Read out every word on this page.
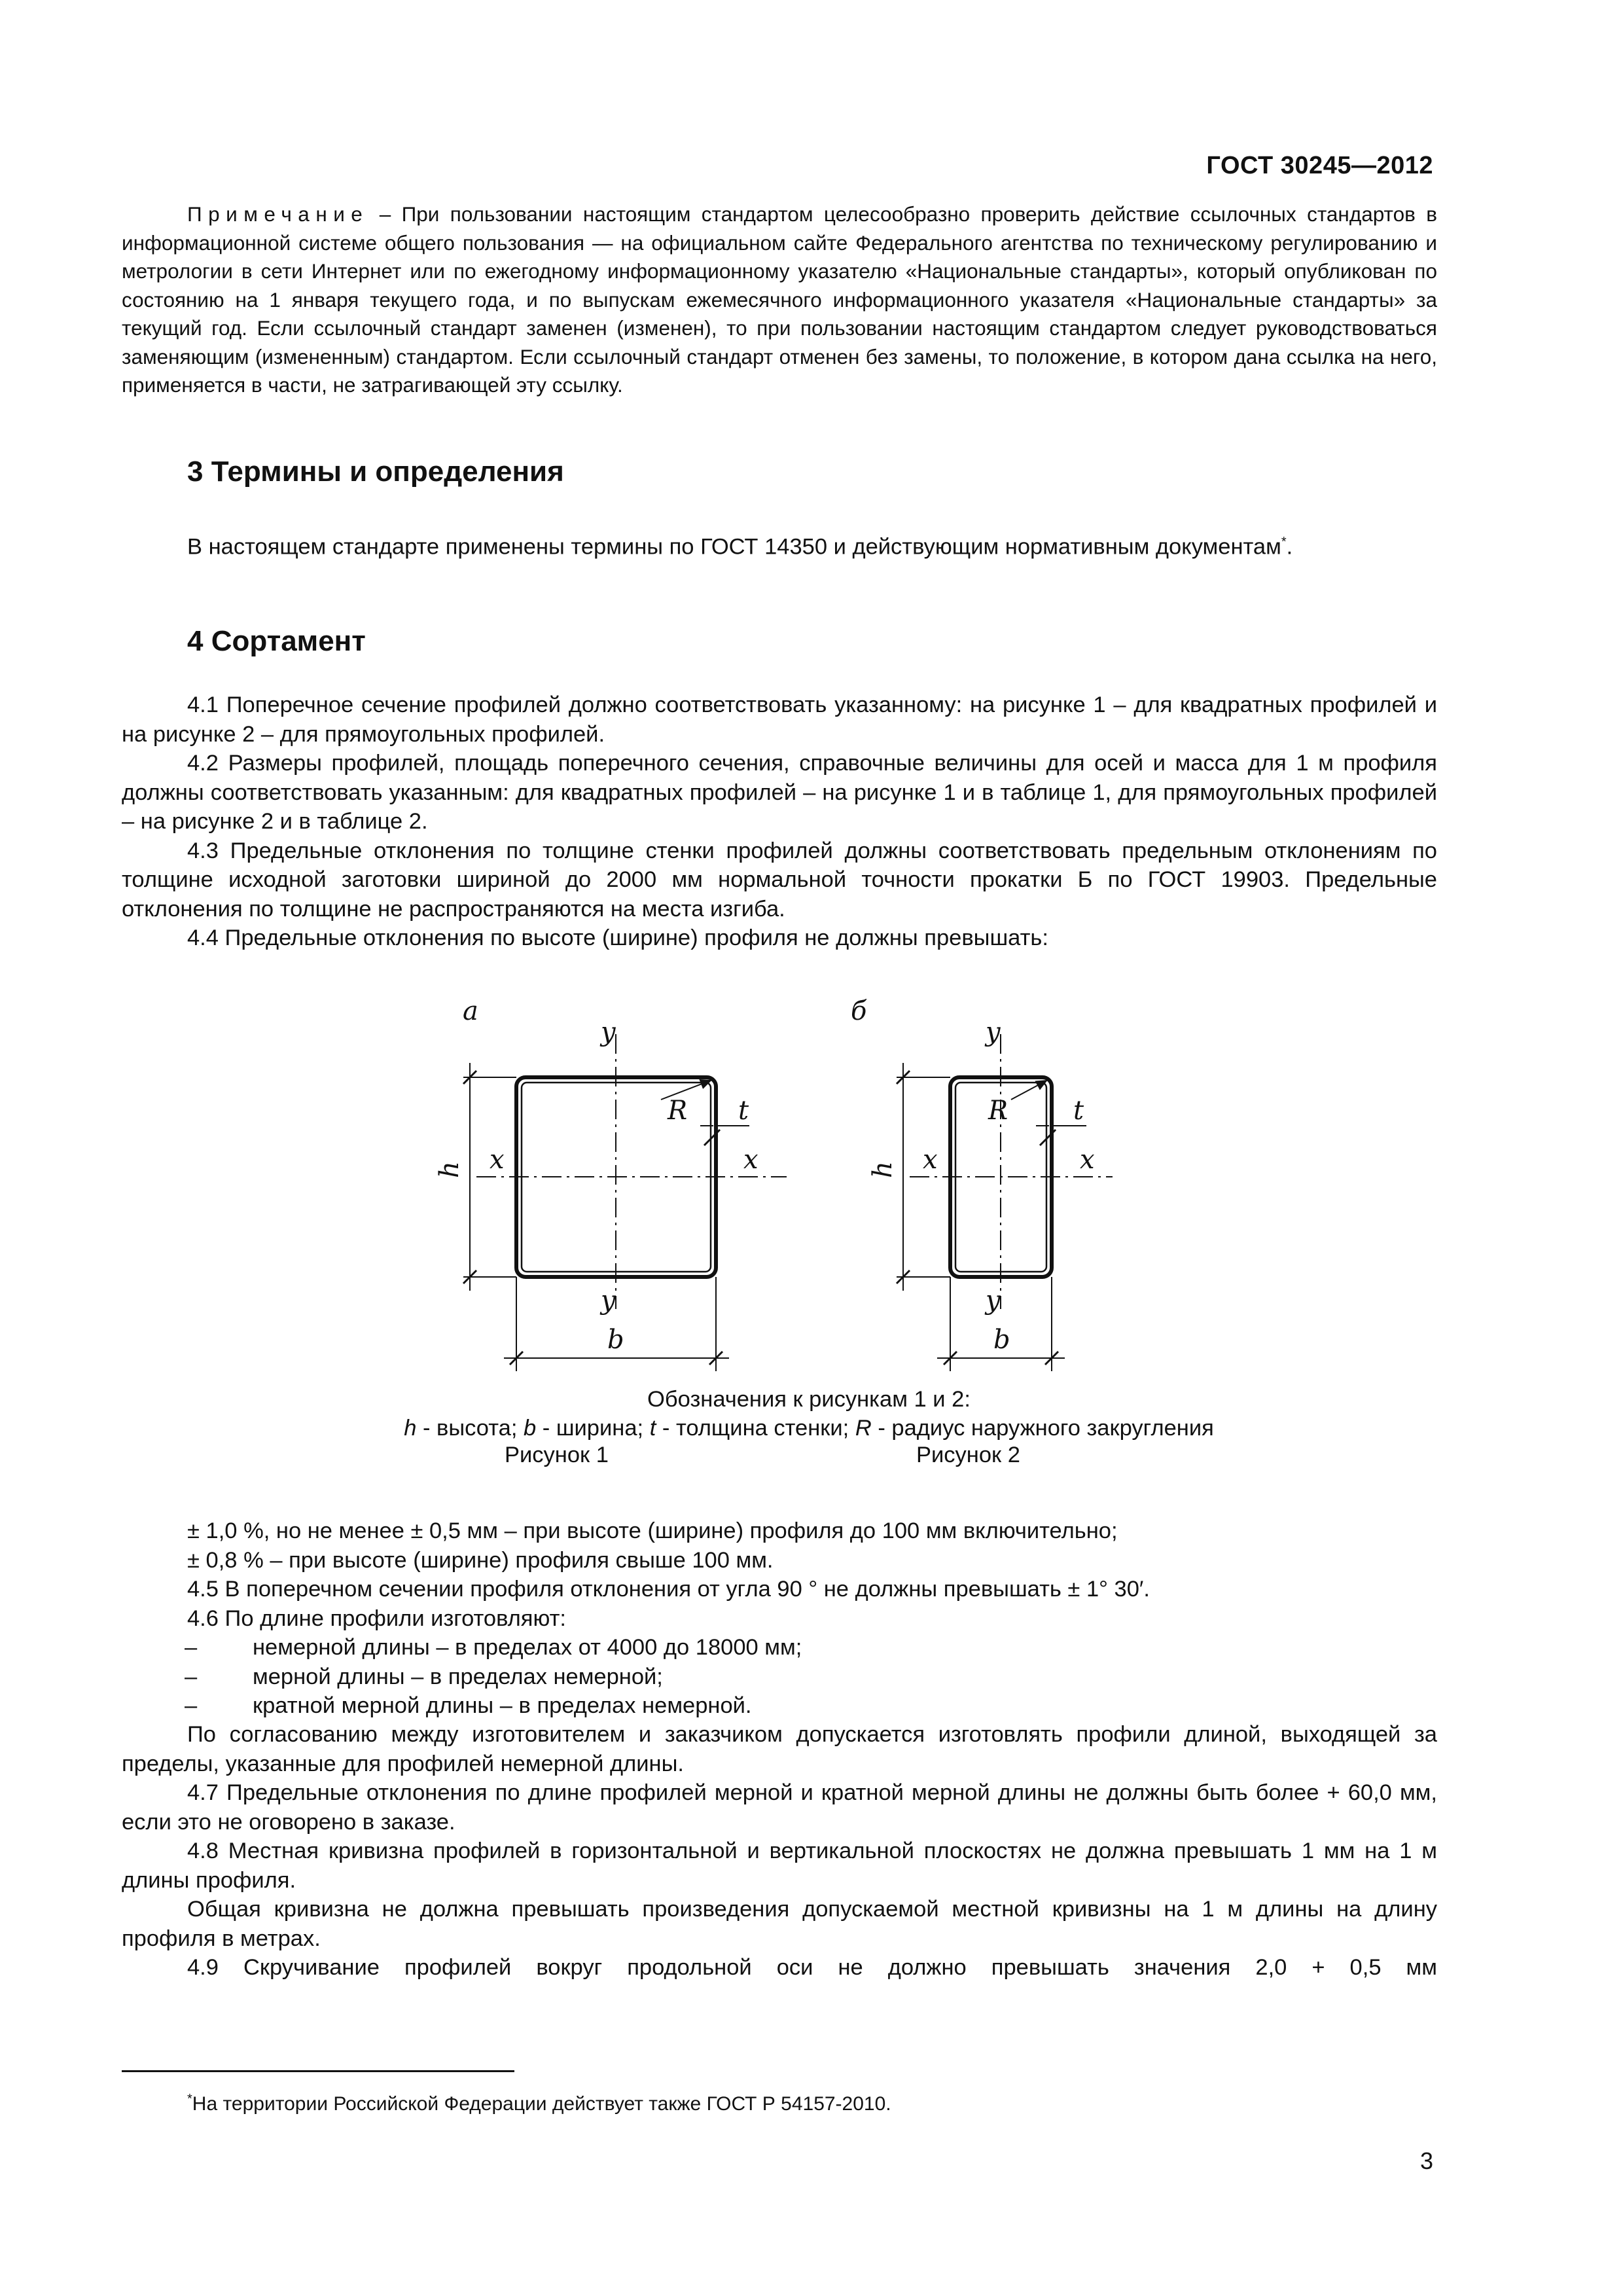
ГОСТ 30245—2012
Примечание – При пользовании настоящим стандартом целесообразно проверить действие ссылочных стандартов в информационной системе общего пользования — на официальном сайте Федерального агентства по техническому регулированию и метрологии в сети Интернет или по ежегодному информационному указателю «Национальные стандарты», который опубликован по состоянию на 1 января текущего года, и по выпускам ежемесячного информационного указателя «Национальные стандарты» за текущий год. Если ссылочный стандарт заменен (изменен), то при пользовании настоящим стандартом следует руководствоваться заменяющим (измененным) стандартом. Если ссылочный стандарт отменен без замены, то положение, в котором дана ссылка на него, применяется в части, не затрагивающей эту ссылку.
3 Термины и определения
В настоящем стандарте применены термины по ГОСТ 14350 и действующим нормативным документам*.
4 Сортамент
4.1 Поперечное сечение профилей должно соответствовать указанному: на рисунке 1 – для квадратных профилей и на рисунке 2 – для прямоугольных профилей.
4.2 Размеры профилей, площадь поперечного сечения, справочные величины для осей и масса для 1 м профиля должны соответствовать указанным: для квадратных профилей – на рисунке 1 и в таблице 1, для прямоугольных профилей – на рисунке 2 и в таблице 2.
4.3 Предельные отклонения по толщине стенки профилей должны соответствовать предельным отклонениям по толщине исходной заготовки шириной до 2000 мм нормальной точности прокатки Б по ГОСТ 19903. Предельные отклонения по толщине не распространяются на места изгиба.
4.4 Предельные отклонения по высоте (ширине) профиля не должны превышать:
а
y
y
x	x
h
b
R t
б
y
y
x	x
h
b
R t
Обозначения к рисункам 1 и 2:
h - высота; b - ширина; t - толщина стенки; R - радиус наружного закругления
Рисунок 1	Рисунок 2
± 1,0 %, но не менее ± 0,5 мм – при высоте (ширине) профиля до 100 мм включительно;
± 0,8 % – при высоте (ширине) профиля свыше 100 мм.
4.5 В поперечном сечении профиля отклонения от угла 90 ° не должны превышать ± 1° 30′.
4.6 По длине профили изготовляют:
– немерной длины – в пределах от 4000 до 18000 мм;
– мерной длины – в пределах немерной;
– кратной мерной длины – в пределах немерной.
По согласованию между изготовителем и заказчиком допускается изготовлять профили длиной, выходящей за пределы, указанные для профилей немерной длины.
4.7 Предельные отклонения по длине профилей мерной и кратной мерной длины не должны быть более + 60,0 мм, если это не оговорено в заказе.
4.8 Местная кривизна профилей в горизонтальной и вертикальной плоскостях не должна превышать 1 мм на 1 м длины профиля.
Общая кривизна не должна превышать произведения допускаемой местной кривизны на 1 м длины на длину профиля в метрах.
4.9 Скручивание профилей вокруг продольной оси не должно превышать значения 2,0 + 0,5 мм
*На территории Российской Федерации действует также ГОСТ Р 54157-2010.
3
